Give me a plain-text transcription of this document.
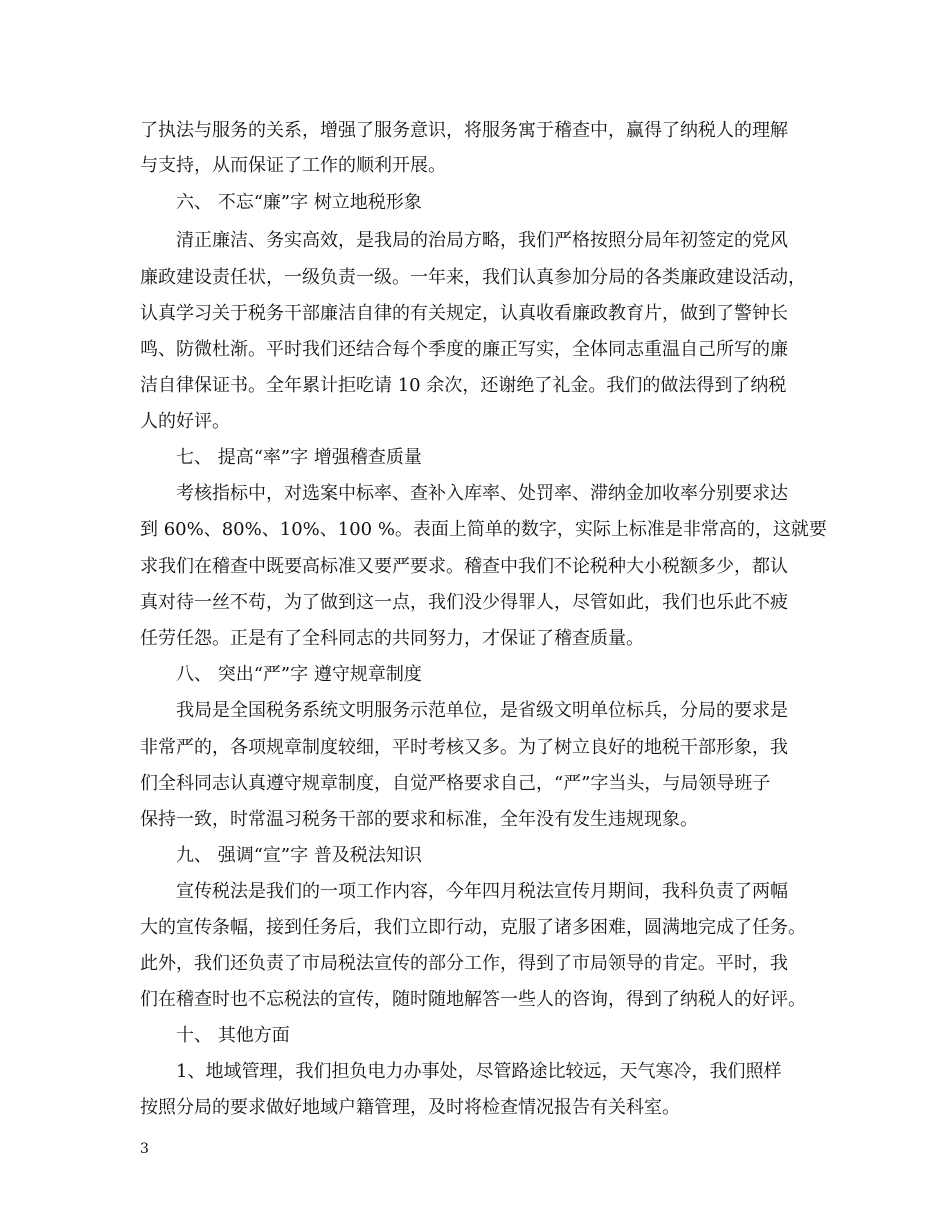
了执法与服务的关系，增强了服务意识，将服务寓于稽查中，赢得了纳税人的理解
与支持，从而保证了工作的顺利开展。
六、 不忘“廉”字 树立地税形象
清正廉洁、务实高效，是我局的治局方略，我们严格按照分局年初签定的党风
廉政建设责任状，一级负责一级。一年来，我们认真参加分局的各类廉政建设活动，
认真学习关于税务干部廉洁自律的有关规定，认真收看廉政教育片，做到了警钟长
鸣、防微杜渐。平时我们还结合每个季度的廉正写实，全体同志重温自己所写的廉
洁自律保证书。全年累计拒吃请 10 余次，还谢绝了礼金。我们的做法得到了纳税
人的好评。
七、 提高“率”字 增强稽查质量
考核指标中，对选案中标率、查补入库率、处罚率、滞纳金加收率分别要求达
到 60%、80%、10%、100 %。表面上简单的数字，实际上标准是非常高的，这就要
求我们在稽查中既要高标准又要严要求。稽查中我们不论税种大小税额多少，都认
真对待一丝不苟，为了做到这一点，我们没少得罪人，尽管如此，我们也乐此不疲
任劳任怨。正是有了全科同志的共同努力，才保证了稽查质量。
八、 突出“严”字 遵守规章制度
我局是全国税务系统文明服务示范单位，是省级文明单位标兵，分局的要求是
非常严的，各项规章制度较细，平时考核又多。为了树立良好的地税干部形象，我
们全科同志认真遵守规章制度，自觉严格要求自己，“严”字当头，与局领导班子
保持一致，时常温习税务干部的要求和标准，全年没有发生违规现象。
九、 强调“宣”字 普及税法知识
宣传税法是我们的一项工作内容，今年四月税法宣传月期间，我科负责了两幅
大的宣传条幅，接到任务后，我们立即行动，克服了诸多困难，圆满地完成了任务。
此外，我们还负责了市局税法宣传的部分工作，得到了市局领导的肯定。平时，我
们在稽查时也不忘税法的宣传，随时随地解答一些人的咨询，得到了纳税人的好评。
十、 其他方面
1、地域管理，我们担负电力办事处，尽管路途比较远，天气寒冷，我们照样
按照分局的要求做好地域户籍管理，及时将检查情况报告有关科室。
3
